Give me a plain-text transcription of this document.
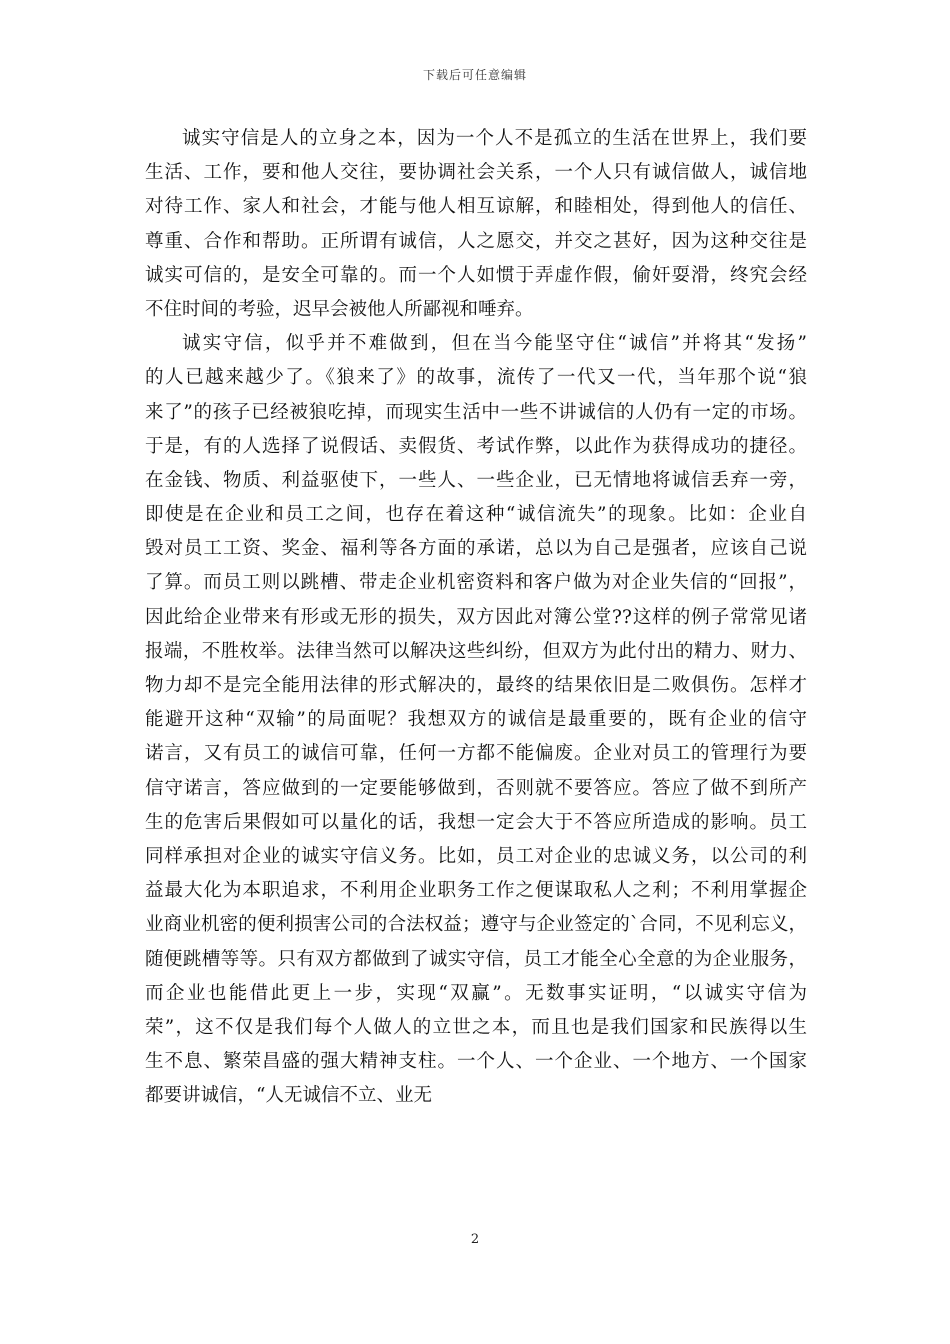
下载后可任意编辑
诚实守信是人的立身之本，因为一个人不是孤立的生活在世界上，我们要
生活、工作，要和他人交往，要协调社会关系，一个人只有诚信做人，诚信地
对待工作、家人和社会，才能与他人相互谅解，和睦相处，得到他人的信任、
尊重、合作和帮助。正所谓有诚信，人之愿交，并交之甚好，因为这种交往是
诚实可信的，是安全可靠的。而一个人如惯于弄虚作假，偷奸耍滑，终究会经
不住时间的考验，迟早会被他人所鄙视和唾弃。
诚实守信，似乎并不难做到，但在当今能坚守住“诚信”并将其“发扬”
的人已越来越少了。《狼来了》的故事，流传了一代又一代，当年那个说“狼
来了”的孩子已经被狼吃掉，而现实生活中一些不讲诚信的人仍有一定的市场。
于是，有的人选择了说假话、卖假货、考试作弊，以此作为获得成功的捷径。
在金钱、物质、利益驱使下，一些人、一些企业，已无情地将诚信丢弃一旁，
即使是在企业和员工之间，也存在着这种“诚信流失”的现象。比如：企业自
毁对员工工资、奖金、福利等各方面的承诺，总以为自己是强者，应该自己说
了算。而员工则以跳槽、带走企业机密资料和客户做为对企业失信的“回报”，
因此给企业带来有形或无形的损失，双方因此对簿公堂??这样的例子常常见诸
报端，不胜枚举。法律当然可以解决这些纠纷，但双方为此付出的精力、财力、
物力却不是完全能用法律的形式解决的，最终的结果依旧是二败俱伤。怎样才
能避开这种“双输”的局面呢？我想双方的诚信是最重要的，既有企业的信守
诺言，又有员工的诚信可靠，任何一方都不能偏废。企业对员工的管理行为要
信守诺言，答应做到的一定要能够做到，否则就不要答应。答应了做不到所产
生的危害后果假如可以量化的话，我想一定会大于不答应所造成的影响。员工
同样承担对企业的诚实守信义务。比如，员工对企业的忠诚义务，以公司的利
益最大化为本职追求，不利用企业职务工作之便谋取私人之利；不利用掌握企
业商业机密的便利损害公司的合法权益；遵守与企业签定的`合同，不见利忘义，
随便跳槽等等。只有双方都做到了诚实守信，员工才能全心全意的为企业服务，
而企业也能借此更上一步，实现“双赢”。无数事实证明，“以诚实守信为
荣”，这不仅是我们每个人做人的立世之本，而且也是我们国家和民族得以生
生不息、繁荣昌盛的强大精神支柱。一个人、一个企业、一个地方、一个国家
都要讲诚信，“人无诚信不立、业无
2
